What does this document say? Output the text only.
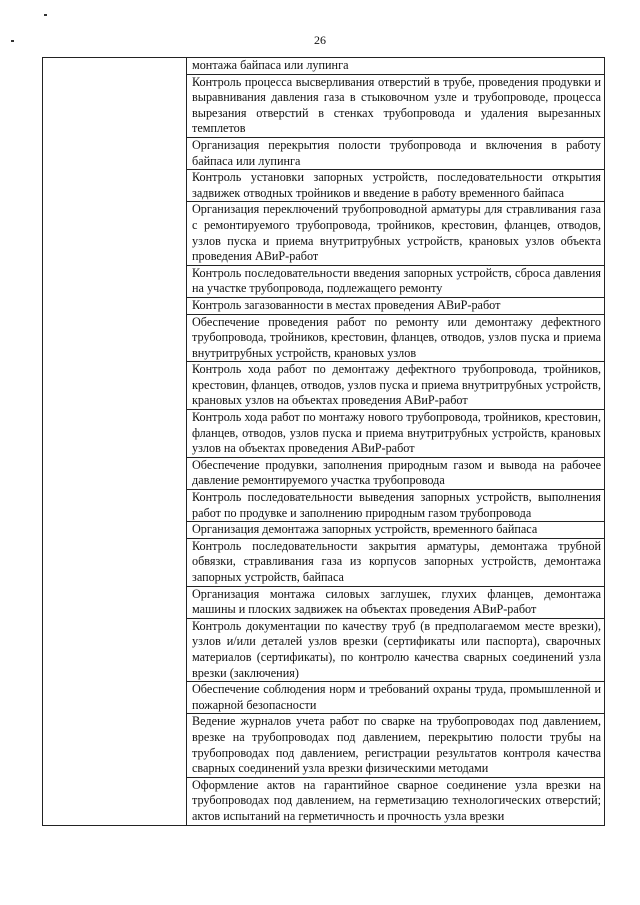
26

монтажа байпаса или лупинга

Контроль процесса высверливания отверстий в трубе, проведения продувки и выравнивания давления газа в стыковочном узле и трубопроводе, процесса вырезания отверстий в стенках трубопровода и удаления вырезанных темплетов

Организация перекрытия полости трубопровода и включения в работу байпаса или лупинга

Контроль установки запорных устройств, последовательности открытия задвижек отводных тройников и введение в работу временного байпаса

Организация переключений трубопроводной арматуры для стравливания газа с ремонтируемого трубопровода, тройников, крестовин, фланцев, отводов, узлов пуска и приема внутритрубных устройств, крановых узлов объекта проведения АВиР-работ

Контроль последовательности введения запорных устройств, сброса давления на участке трубопровода, подлежащего ремонту

Контроль загазованности в местах проведения АВиР-работ

Обеспечение проведения работ по ремонту или демонтажу дефектного трубопровода, тройников, крестовин, фланцев, отводов, узлов пуска и приема внутритрубных устройств, крановых узлов

Контроль хода работ по демонтажу дефектного трубопровода, тройников, крестовин, фланцев, отводов, узлов пуска и приема внутритрубных устройств, крановых узлов на объектах проведения АВиР-работ

Контроль хода работ по монтажу нового трубопровода, тройников, крестовин, фланцев, отводов, узлов пуска и приема внутритрубных устройств, крановых узлов на объектах проведения АВиР-работ

Обеспечение продувки, заполнения природным газом и вывода на рабочее давление ремонтируемого участка трубопровода

Контроль последовательности выведения запорных устройств, выполнения работ по продувке и заполнению природным газом трубопровода

Организация демонтажа запорных устройств, временного байпаса

Контроль последовательности закрытия арматуры, демонтажа трубной обвязки, стравливания газа из корпусов запорных устройств, демонтажа запорных устройств, байпаса

Организация монтажа силовых заглушек, глухих фланцев, демонтажа машины и плоских задвижек на объектах проведения АВиР-работ

Контроль документации по качеству труб (в предполагаемом месте врезки), узлов и/или деталей узлов врезки (сертификаты или паспорта), сварочных материалов (сертификаты), по контролю качества сварных соединений узла врезки (заключения)

Обеспечение соблюдения норм и требований охраны труда, промышленной и пожарной безопасности

Ведение журналов учета работ по сварке на трубопроводах под давлением, врезке на трубопроводах под давлением, перекрытию полости трубы на трубопроводах под давлением, регистрации результатов контроля качества сварных соединений узла врезки физическими методами

Оформление актов на гарантийное сварное соединение узла врезки на трубопроводах под давлением, на герметизацию технологических отверстий; актов испытаний на герметичность и прочность узла врезки
